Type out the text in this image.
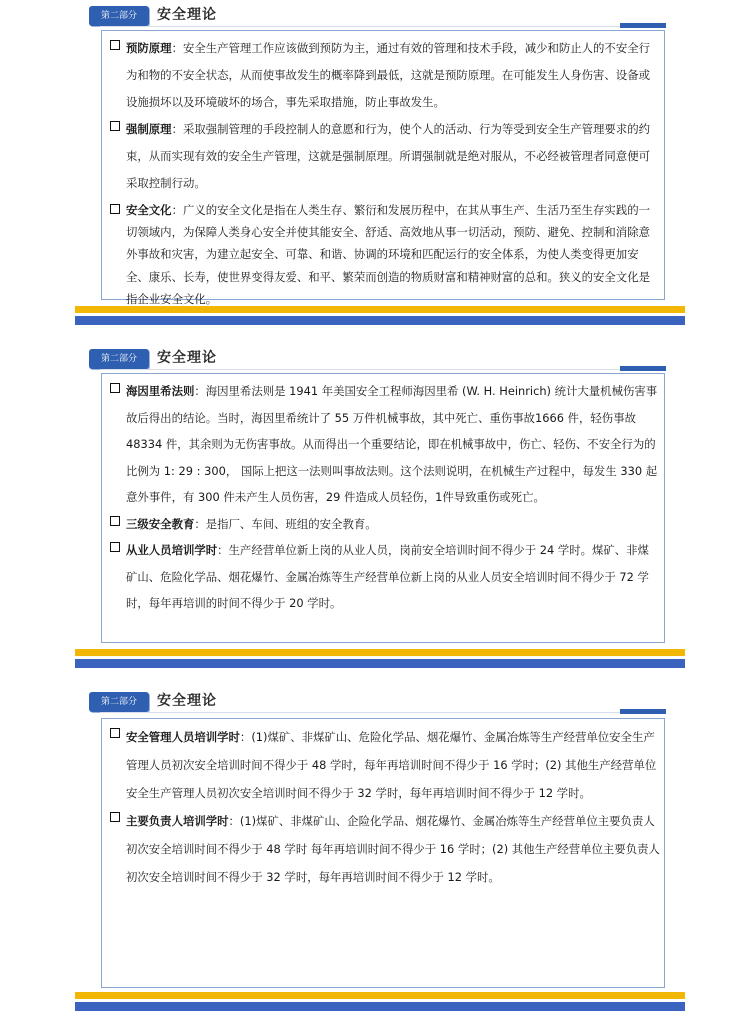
第二部分	安全理论

预防原理：安全生产管理工作应该做到预防为主，通过有效的管理和技术手段，减少和防止人的不安全行为和物的不安全状态，从而使事故发生的概率降到最低，这就是预防原理。在可能发生人身伤害、设备或设施损坏以及环境破坏的场合，事先采取措施，防止事故发生。

强制原理：采取强制管理的手段控制人的意愿和行为，使个人的活动、行为等受到安全生产管理要求的约束，从而实现有效的安全生产管理，这就是强制原理。所谓强制就是绝对服从，不必经被管理者同意便可采取控制行动。

安全文化：广义的安全文化是指在人类生存、繁衍和发展历程中，在其从事生产、生活乃至生存实践的一切领域内，为保障人类身心安全并使其能安全、舒适、高效地从事一切活动，预防、避免、控制和消除意外事故和灾害，为建立起安全、可靠、和谐、协调的环境和匹配运行的安全体系，为使人类变得更加安全、康乐、长寿，使世界变得友爱、和平、繁荣而创造的物质财富和精神财富的总和。狭义的安全文化是指企业安全文化。

第二部分	安全理论

海因里希法则：海因里希法则是 1941 年美国安全工程师海因里希 (W. H. Heinrich) 统计大量机械伤害事故后得出的结论。当时，海因里希统计了 55 万件机械事故，其中死亡、重伤事故1666 件，轻伤事故 48334 件，其余则为无伤害事故。从而得出一个重要结论，即在机械事故中，伤亡、轻伤、不安全行为的比例为 1: 29 : 300， 国际上把这一法则叫事故法则。这个法则说明，在机械生产过程中，每发生 330 起意外事件，有 300 件未产生人员伤害，29 件造成人员轻伤，1件导致重伤或死亡。

三级安全教育：是指厂、车间、班组的安全教育。

从业人员培训学时：生产经营单位新上岗的从业人员，岗前安全培训时间不得少于 24 学时。煤矿、非煤矿山、危险化学品、烟花爆竹、金属冶炼等生产经营单位新上岗的从业人员安全培训时间不得少于 72 学时，每年再培训的时间不得少于 20 学时。

第二部分	安全理论

安全管理人员培训学时：(1)煤矿、非煤矿山、危险化学品、烟花爆竹、金属冶炼等生产经营单位安全生产管理人员初次安全培训时间不得少于 48 学时，每年再培训时间不得少于 16 学时；(2) 其他生产经营单位安全生产管理人员初次安全培训时间不得少于 32 学时，每年再培训时间不得少于 12 学时。

主要负责人培训学时：(1)煤矿、非煤矿山、企险化学品、烟花爆竹、金属冶炼等生产经营单位主要负责人初次安全培训时间不得少于 48 学时 每年再培训时间不得少于 16 学时；(2) 其他生产经营单位主要负责人初次安全培训时间不得少于 32 学时，每年再培训时间不得少于 12 学时。
